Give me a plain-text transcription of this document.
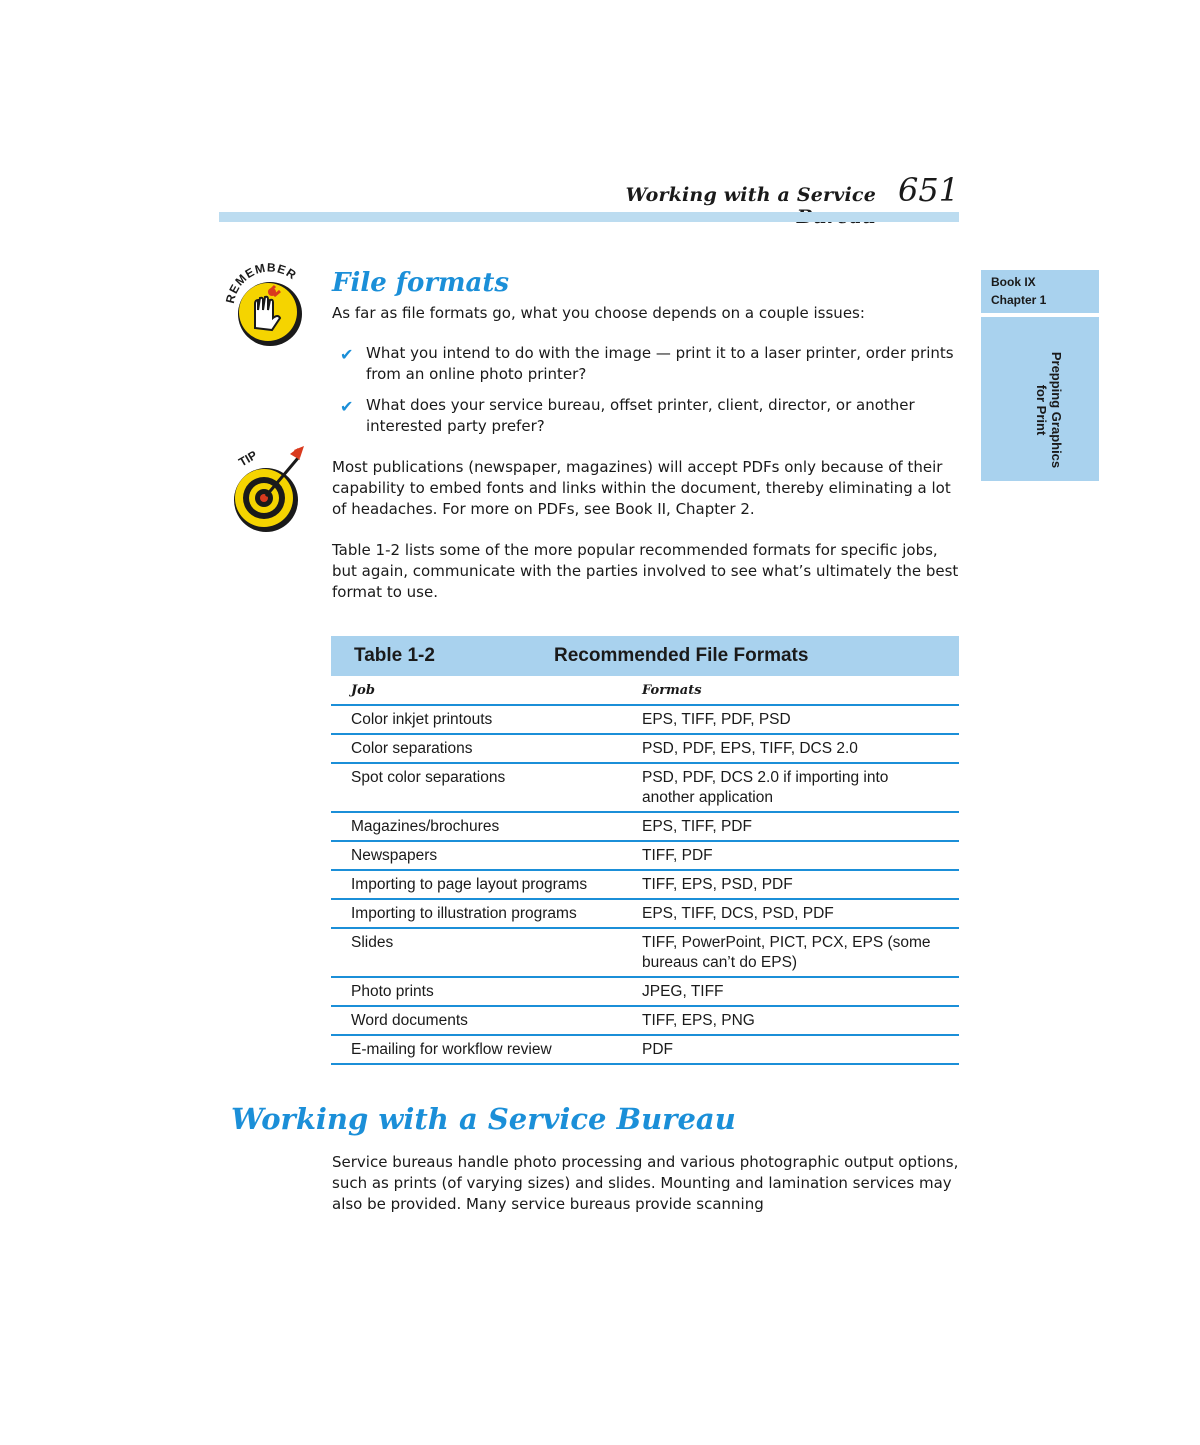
Working with a Service 651
Book IX
Chapter 1
Prepping Graphics
for Print
REMEMBER
TIP
File formats
As far as file formats go, what you choose depends on a couple issues:
✔ What you intend to do with the image — print it to a laser printer, order prints from an online photo printer?
✔ What does your service bureau, offset printer, client, director, or another interested party prefer?
Most publications (newspaper, magazines) will accept PDFs only because of their capability to embed fonts and links within the document, thereby eliminating a lot of headaches. For more on PDFs, see Book II, Chapter 2.
Table 1-2 lists some of the more popular recommended formats for specific jobs, but again, communicate with the parties involved to see what’s ultimately the best format to use.
Table 1-2	Recommended File Formats
Job	Formats
Color inkjet printouts	EPS, TIFF, PDF, PSD
Color separations	PSD, PDF, EPS, TIFF, DCS 2.0
Spot color separations	PSD, PDF, DCS 2.0 if importing into another application
Magazines/brochures	EPS, TIFF, PDF
Newspapers	TIFF, PDF
Importing to page layout programs	TIFF, EPS, PSD, PDF
Importing to illustration programs	EPS, TIFF, DCS, PSD, PDF
Slides	TIFF, PowerPoint, PICT, PCX, EPS (some bureaus can’t do EPS)
Photo prints	JPEG, TIFF
Word documents	TIFF, EPS, PNG
E-mailing for workflow review	PDF
Working with a Service Bureau
Service bureaus handle photo processing and various photographic output options, such as prints (of varying sizes) and slides. Mounting and lamination services may also be provided. Many service bureaus provide scanning
